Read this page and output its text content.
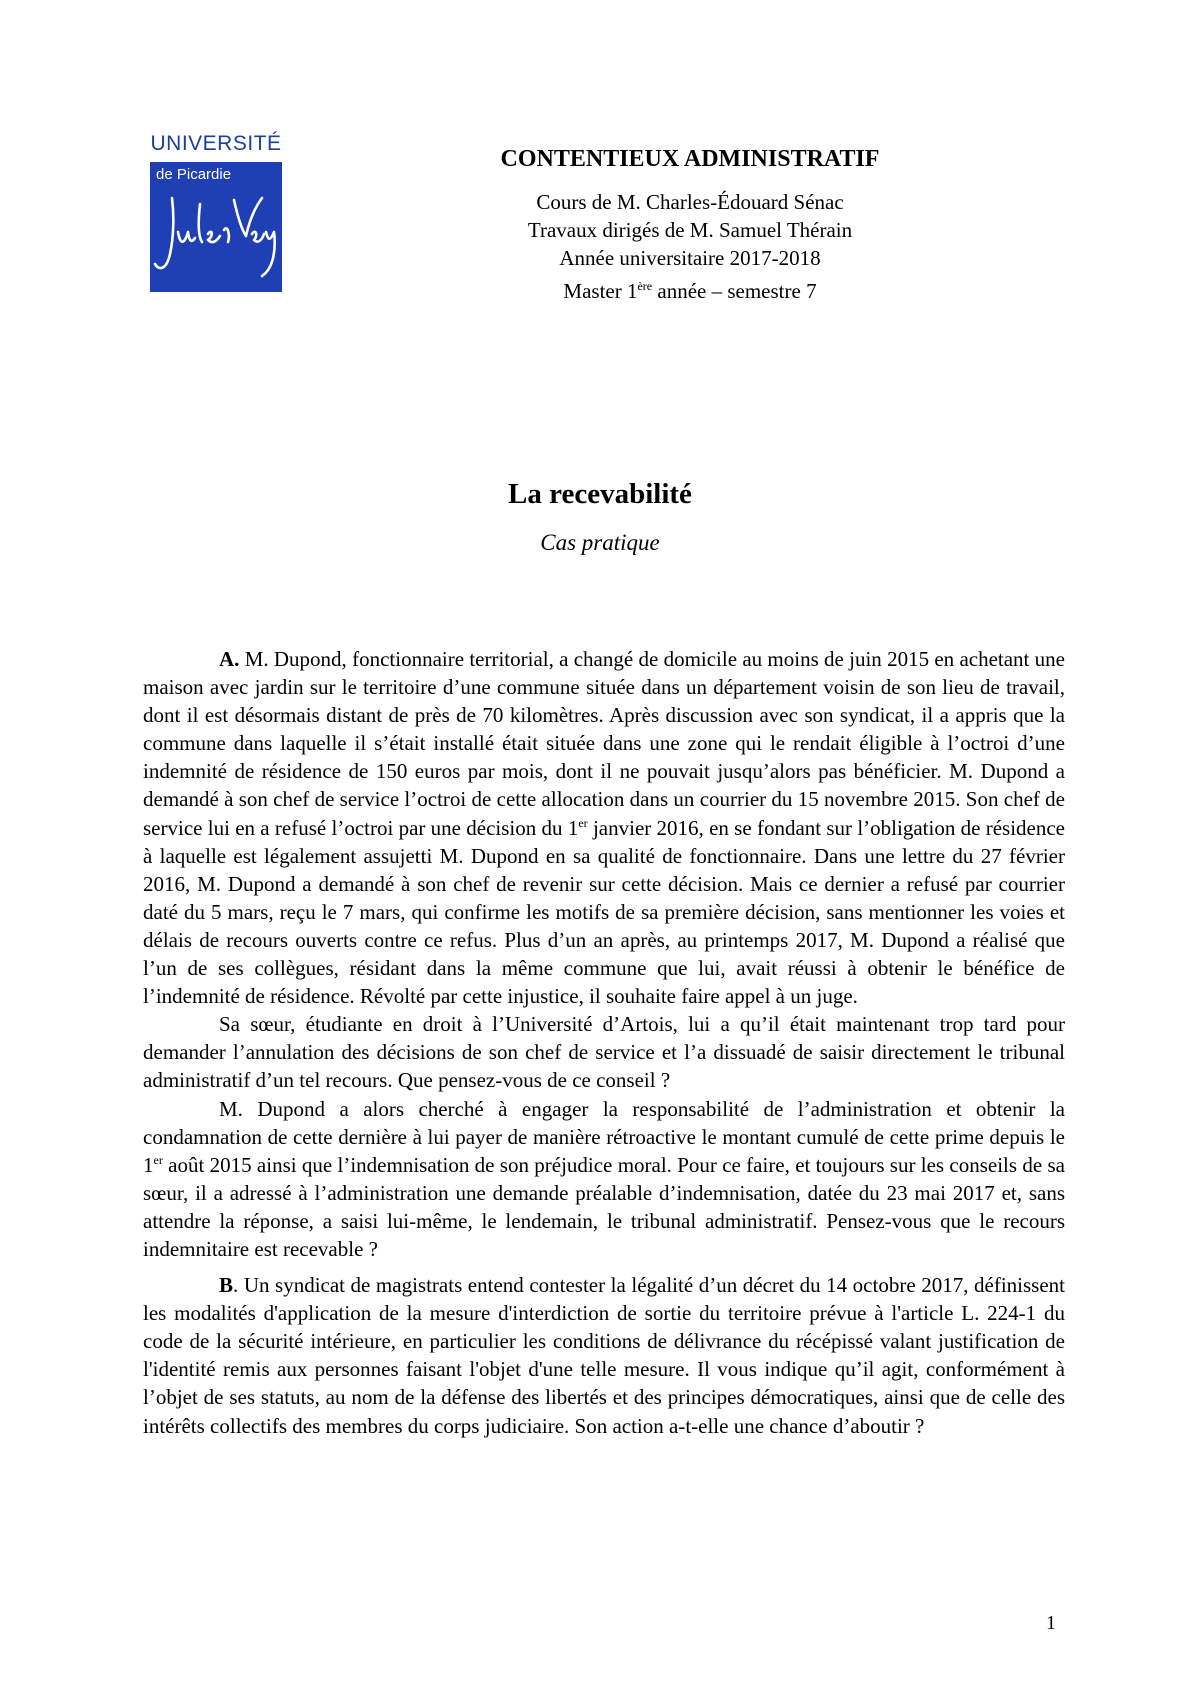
UNIVERSITÉ
de Picardie
CONTENTIEUX ADMINISTRATIF
Cours de M. Charles-Édouard Sénac
Travaux dirigés de M. Samuel Thérain
Année universitaire 2017-2018
Master 1ère année – semestre 7
La recevabilité
Cas pratique

A. M. Dupond, fonctionnaire territorial, a changé de domicile au moins de juin 2015 en achetant une maison avec jardin sur le territoire d’une commune située dans un département voisin de son lieu de travail, dont il est désormais distant de près de 70 kilomètres. Après discussion avec son syndicat, il a appris que la commune dans laquelle il s’était installé était située dans une zone qui le rendait éligible à l’octroi d’une indemnité de résidence de 150 euros par mois, dont il ne pouvait jusqu’alors pas bénéficier. M. Dupond a demandé à son chef de service l’octroi de cette allocation dans un courrier du 15 novembre 2015. Son chef de service lui en a refusé l’octroi par une décision du 1er janvier 2016, en se fondant sur l’obligation de résidence à laquelle est légalement assujetti M. Dupond en sa qualité de fonctionnaire. Dans une lettre du 27 février 2016, M. Dupond a demandé à son chef de revenir sur cette décision. Mais ce dernier a refusé par courrier daté du 5 mars, reçu le 7 mars, qui confirme les motifs de sa première décision, sans mentionner les voies et délais de recours ouverts contre ce refus. Plus d’un an après, au printemps 2017, M. Dupond a réalisé que l’un de ses collègues, résidant dans la même commune que lui, avait réussi à obtenir le bénéfice de l’indemnité de résidence. Révolté par cette injustice, il souhaite faire appel à un juge.

Sa sœur, étudiante en droit à l’Université d’Artois, lui a qu’il était maintenant trop tard pour demander l’annulation des décisions de son chef de service et l’a dissuadé de saisir directement le tribunal administratif d’un tel recours. Que pensez-vous de ce conseil ?

M. Dupond a alors cherché à engager la responsabilité de l’administration et obtenir la condamnation de cette dernière à lui payer de manière rétroactive le montant cumulé de cette prime depuis le 1er août 2015 ainsi que l’indemnisation de son préjudice moral. Pour ce faire, et toujours sur les conseils de sa sœur, il a adressé à l’administration une demande préalable d’indemnisation, datée du 23 mai 2017 et, sans attendre la réponse, a saisi lui-même, le lendemain, le tribunal administratif. Pensez-vous que le recours indemnitaire est recevable ?

B. Un syndicat de magistrats entend contester la légalité d’un décret du 14 octobre 2017, définissent les modalités d'application de la mesure d'interdiction de sortie du territoire prévue à l'article L. 224-1 du code de la sécurité intérieure, en particulier les conditions de délivrance du récépissé valant justification de l'identité remis aux personnes faisant l'objet d'une telle mesure. Il vous indique qu’il agit, conformément à l’objet de ses statuts, au nom de la défense des libertés et des principes démocratiques, ainsi que de celle des intérêts collectifs des membres du corps judiciaire. Son action a-t-elle une chance d’aboutir ?

1
